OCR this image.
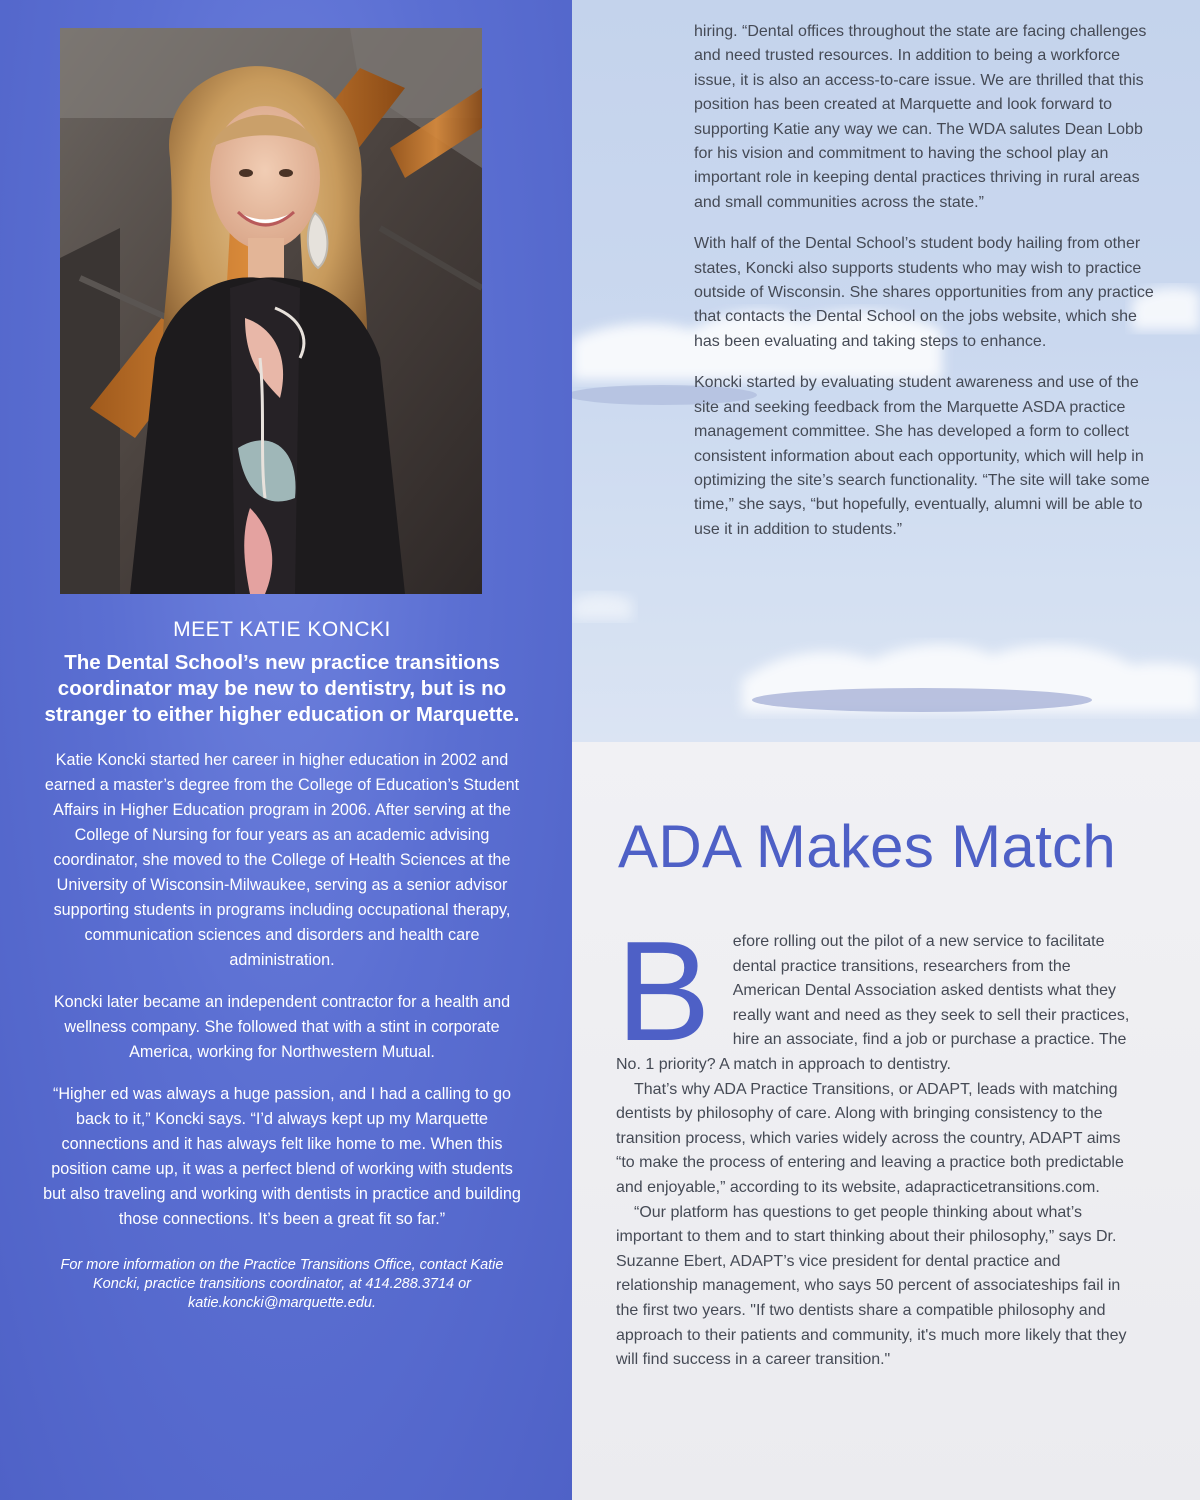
MEET KATIE KONCKI
The Dental School’s new practice transitions coordinator may be new to dentistry, but is no stranger to either higher education or Marquette.

Katie Koncki started her career in higher education in 2002 and earned a master’s degree from the College of Education’s Student Affairs in Higher Education program in 2006. After serving at the College of Nursing for four years as an academic advising coordinator, she moved to the College of Health Sciences at the University of Wisconsin-Milwaukee, serving as a senior advisor supporting students in programs including occupational therapy, communication sciences and disorders and health care administration.

Koncki later became an independent contractor for a health and wellness company. She followed that with a stint in corporate America, working for Northwestern Mutual.

“Higher ed was always a huge passion, and I had a calling to go back to it,” Koncki says. “I’d always kept up my Marquette connections and it has always felt like home to me. When this position came up, it was a perfect blend of working with students but also traveling and working with dentists in practice and building those connections. It’s been a great fit so far.”

For more information on the Practice Transitions Office, contact Katie Koncki, practice transitions coordinator, at 414.288.3714 or katie.koncki@marquette.edu.

hiring. “Dental offices throughout the state are facing challenges and need trusted resources. In addition to being a workforce issue, it is also an access-to-care issue. We are thrilled that this position has been created at Marquette and look forward to supporting Katie any way we can. The WDA salutes Dean Lobb for his vision and commitment to having the school play an important role in keeping dental practices thriving in rural areas and small communities across the state.”

With half of the Dental School’s student body hailing from other states, Koncki also supports students who may wish to practice outside of Wisconsin. She shares opportunities from any practice that contacts the Dental School on the jobs website, which she has been evaluating and taking steps to enhance.

Koncki started by evaluating student awareness and use of the site and seeking feedback from the Marquette ASDA practice management committee. She has developed a form to collect consistent information about each opportunity, which will help in optimizing the site’s search functionality. “The site will take some time,” she says, “but hopefully, eventually, alumni will be able to use it in addition to students.”

ADA Makes Match
B	efore rolling out the pilot of a new service to facilitate dental practice transitions, researchers from the American Dental Association asked dentists what they really want and need as they seek to sell their practices, hire an associate, find a job or purchase a practice. The No. 1 priority? A match in approach to dentistry.

That’s why ADA Practice Transitions, or ADAPT, leads with matching dentists by philosophy of care. Along with bringing consistency to the transition process, which varies widely across the country, ADAPT aims “to make the process of entering and leaving a practice both predictable and enjoyable,” according to its website, adapracticetransitions.com.

“Our platform has questions to get people thinking about what’s important to them and to start thinking about their philosophy,” says Dr. Suzanne Ebert, ADAPT’s vice president for dental practice and relationship management, who says 50 percent of associateships fail in the first two years. "If two dentists share a compatible philosophy and approach to their patients and community, it's much more likely that they will find success in a career transition."
